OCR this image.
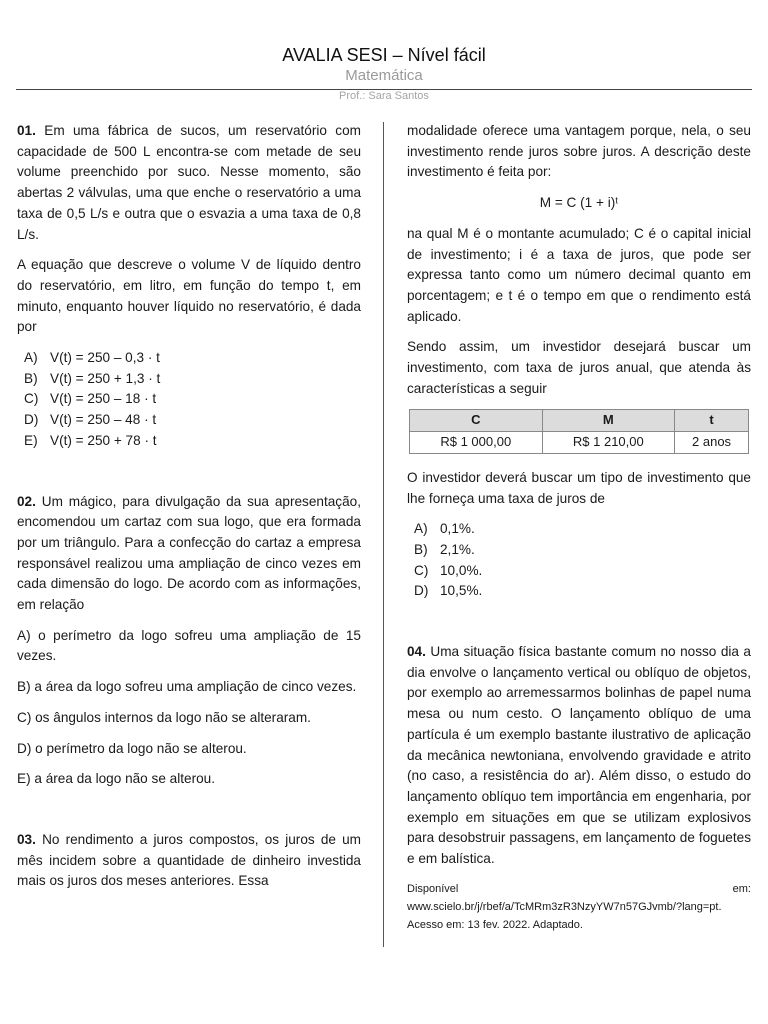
AVALIA SESI – Nível fácil
Matemática
Prof.: Sara Santos

01. Em uma fábrica de sucos, um reservatório com capacidade de 500 L encontra-se com metade de seu volume preenchido por suco. Nesse momento, são abertas 2 válvulas, uma que enche o reservatório a uma taxa de 0,5 L/s e outra que o esvazia a uma taxa de 0,8 L/s.

A equação que descreve o volume V de líquido dentro do reservatório, em litro, em função do tempo t, em minuto, enquanto houver líquido no reservatório, é dada por

A) V(t) = 250 – 0,3 · t
B) V(t) = 250 + 1,3 · t
C) V(t) = 250 – 18 · t
D) V(t) = 250 – 48 · t
E) V(t) = 250 + 78 · t

02. Um mágico, para divulgação da sua apresentação, encomendou um cartaz com sua logo, que era formada por um triângulo. Para a confecção do cartaz a empresa responsável realizou uma ampliação de cinco vezes em cada dimensão do logo. De acordo com as informações, em relação

A) o perímetro da logo sofreu uma ampliação de 15 vezes.

B) a área da logo sofreu uma ampliação de cinco vezes.

C) os ângulos internos da logo não se alteraram.

D) o perímetro da logo não se alterou.

E) a área da logo não se alterou.

03. No rendimento a juros compostos, os juros de um mês incidem sobre a quantidade de dinheiro investida mais os juros dos meses anteriores. Essa

modalidade oferece uma vantagem porque, nela, o seu investimento rende juros sobre juros. A descrição deste investimento é feita por:

M = C (1 + i)ᵗ

na qual M é o montante acumulado; C é o capital inicial de investimento; i é a taxa de juros, que pode ser expressa tanto como um número decimal quanto em porcentagem; e t é o tempo em que o rendimento está aplicado.

Sendo assim, um investidor desejará buscar um investimento, com taxa de juros anual, que atenda às características a seguir

C	M	t
R$ 1 000,00	R$ 1 210,00	2 anos

O investidor deverá buscar um tipo de investimento que lhe forneça uma taxa de juros de

A) 0,1%.
B) 2,1%.
C) 10,0%.
D) 10,5%.

04. Uma situação física bastante comum no nosso dia a dia envolve o lançamento vertical ou oblíquo de objetos, por exemplo ao arremessarmos bolinhas de papel numa mesa ou num cesto. O lançamento oblíquo de uma partícula é um exemplo bastante ilustrativo de aplicação da mecânica newtoniana, envolvendo gravidade e atrito (no caso, a resistência do ar). Além disso, o estudo do lançamento oblíquo tem importância em engenharia, por exemplo em situações em que se utilizam explosivos para desobstruir passagens, em lançamento de foguetes e em balística.

Disponível em: www.scielo.br/j/rbef/a/TcMRm3zR3NzyYW7n57GJvmb/?lang=pt. Acesso em: 13 fev. 2022. Adaptado.
